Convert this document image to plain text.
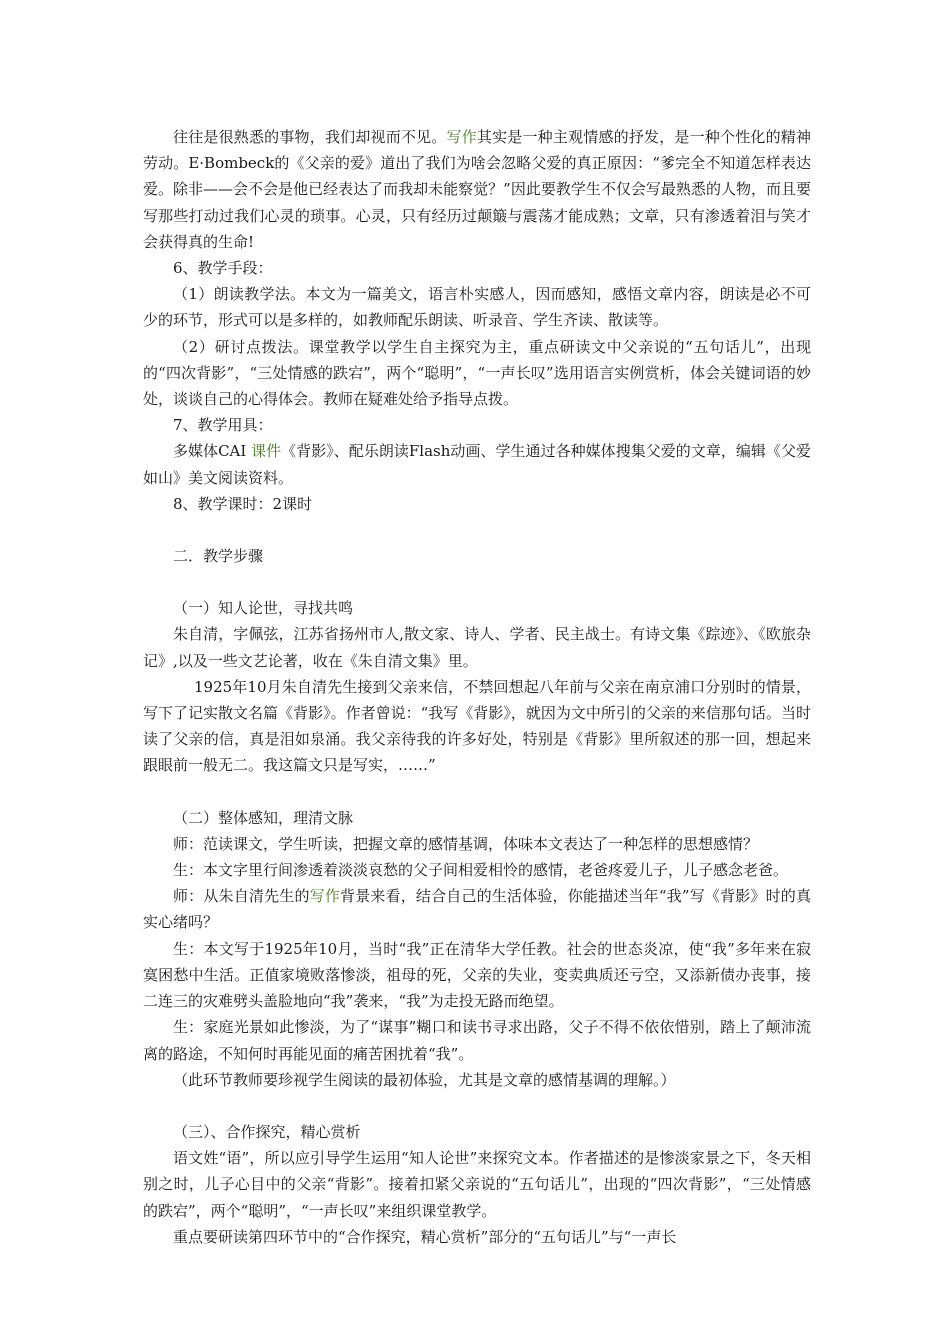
往往是很熟悉的事物，我们却视而不见。写作其实是一种主观情感的抒发，是一种个性化的精神劳动。E·Bombeck的《父亲的爱》道出了我们为啥会忽略父爱的真正原因：“爹完全不知道怎样表达爱。除非——会不会是他已经表达了而我却未能察觉？”因此要教学生不仅会写最熟悉的人物，而且要写那些打动过我们心灵的琐事。心灵，只有经历过颠簸与震荡才能成熟；文章，只有渗透着泪与笑才会获得真的生命!

6、教学手段：

（1）朗读教学法。本文为一篇美文，语言朴实感人，因而感知，感悟文章内容，朗读是必不可少的环节，形式可以是多样的，如教师配乐朗读、听录音、学生齐读、散读等。

（2）研讨点拨法。课堂教学以学生自主探究为主，重点研读文中父亲说的“五句话儿”，出现的“四次背影”，“三处情感的跌宕”，两个“聪明”，“一声长叹”选用语言实例赏析，体会关键词语的妙处，谈谈自己的心得体会。教师在疑难处给予指导点拨。

7、教学用具：

多媒体CAI 课件《背影》、配乐朗读Flash动画、学生通过各种媒体搜集父爱的文章，编辑《父爱如山》美文阅读资料。

8、教学课时：2课时

二．教学步骤

（一）知人论世，寻找共鸣

朱自清，字佩弦，江苏省扬州市人,散文家、诗人、学者、民主战士。有诗文集《踪迹》、《欧旅杂记》,以及一些文艺论著，收在《朱自清文集》里。

1925年10月朱自清先生接到父亲来信，不禁回想起八年前与父亲在南京浦口分别时的情景，写下了记实散文名篇《背影》。作者曾说：“我写《背影》，就因为文中所引的父亲的来信那句话。当时读了父亲的信，真是泪如泉涌。我父亲待我的许多好处，特别是《背影》里所叙述的那一回，想起来跟眼前一般无二。我这篇文只是写实，……”

（二）整体感知，理清文脉

师：范读课文，学生听读，把握文章的感情基调，体味本文表达了一种怎样的思想感情？

生：本文字里行间渗透着淡淡哀愁的父子间相爱相怜的感情，老爸疼爱儿子，儿子感念老爸。

师：从朱自清先生的写作背景来看，结合自己的生活体验，你能描述当年“我”写《背影》时的真实心绪吗？

生：本文写于1925年10月，当时“我”正在清华大学任教。社会的世态炎凉，使“我”多年来在寂寞困愁中生活。正值家境败落惨淡，祖母的死，父亲的失业，变卖典质还亏空，又添新债办丧事，接二连三的灾难劈头盖脸地向“我”袭来，“我”为走投无路而绝望。

生：家庭光景如此惨淡，为了“谋事”糊口和读书寻求出路，父子不得不依依惜别，踏上了颠沛流离的路途，不知何时再能见面的痛苦困扰着“我”。

（此环节教师要珍视学生阅读的最初体验，尤其是文章的感情基调的理解。）

（三）、合作探究，精心赏析

语文姓“语”，所以应引导学生运用“知人论世”来探究文本。作者描述的是惨淡家景之下，冬天相别之时，儿子心目中的父亲“背影”。接着扣紧父亲说的“五句话儿”，出现的“四次背影”，“三处情感的跌宕”，两个“聪明”，“一声长叹”来组织课堂教学。

重点要研读第四环节中的“合作探究，精心赏析”部分的“五句话儿”与“一声长
